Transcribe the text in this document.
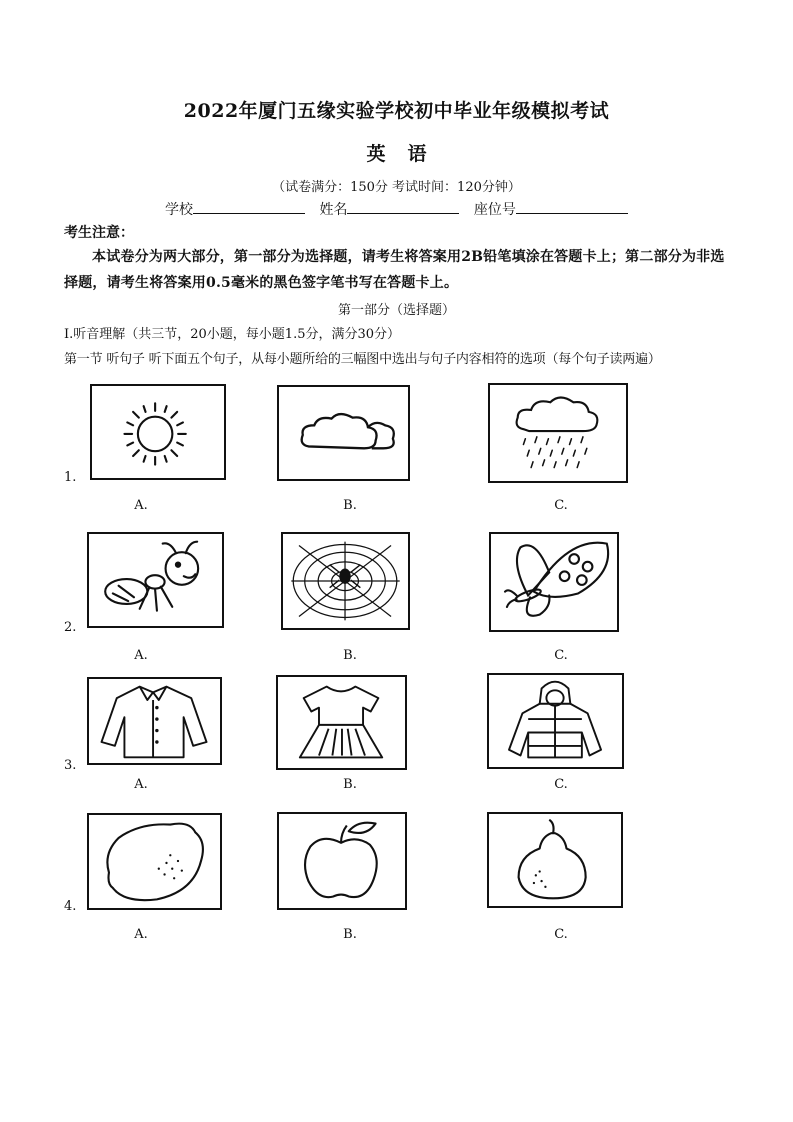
2022年厦门五缘实验学校初中毕业年级模拟考试
英语
（试卷满分：150分 考试时间：120分钟）
学校	姓名	座位号
考生注意：
本试卷分为两大部分，第一部分为选择题，请考生将答案用2B铅笔填涂在答题卡上；第二部分为非选择题，请考生将答案用0.5毫米的黑色签字笔书写在答题卡上。
第一部分（选择题）
Ⅰ.听音理解（共三节，20小题，每小题1.5分，满分30分）
第一节 听句子 听下面五个句子，从每小题所给的三幅图中选出与句子内容相符的选项（每个句子读两遍）
1.
A.	B.	C.
2.
A.	B.	C.
3.
A.	B.	C.
4.
A.	B.	C.
